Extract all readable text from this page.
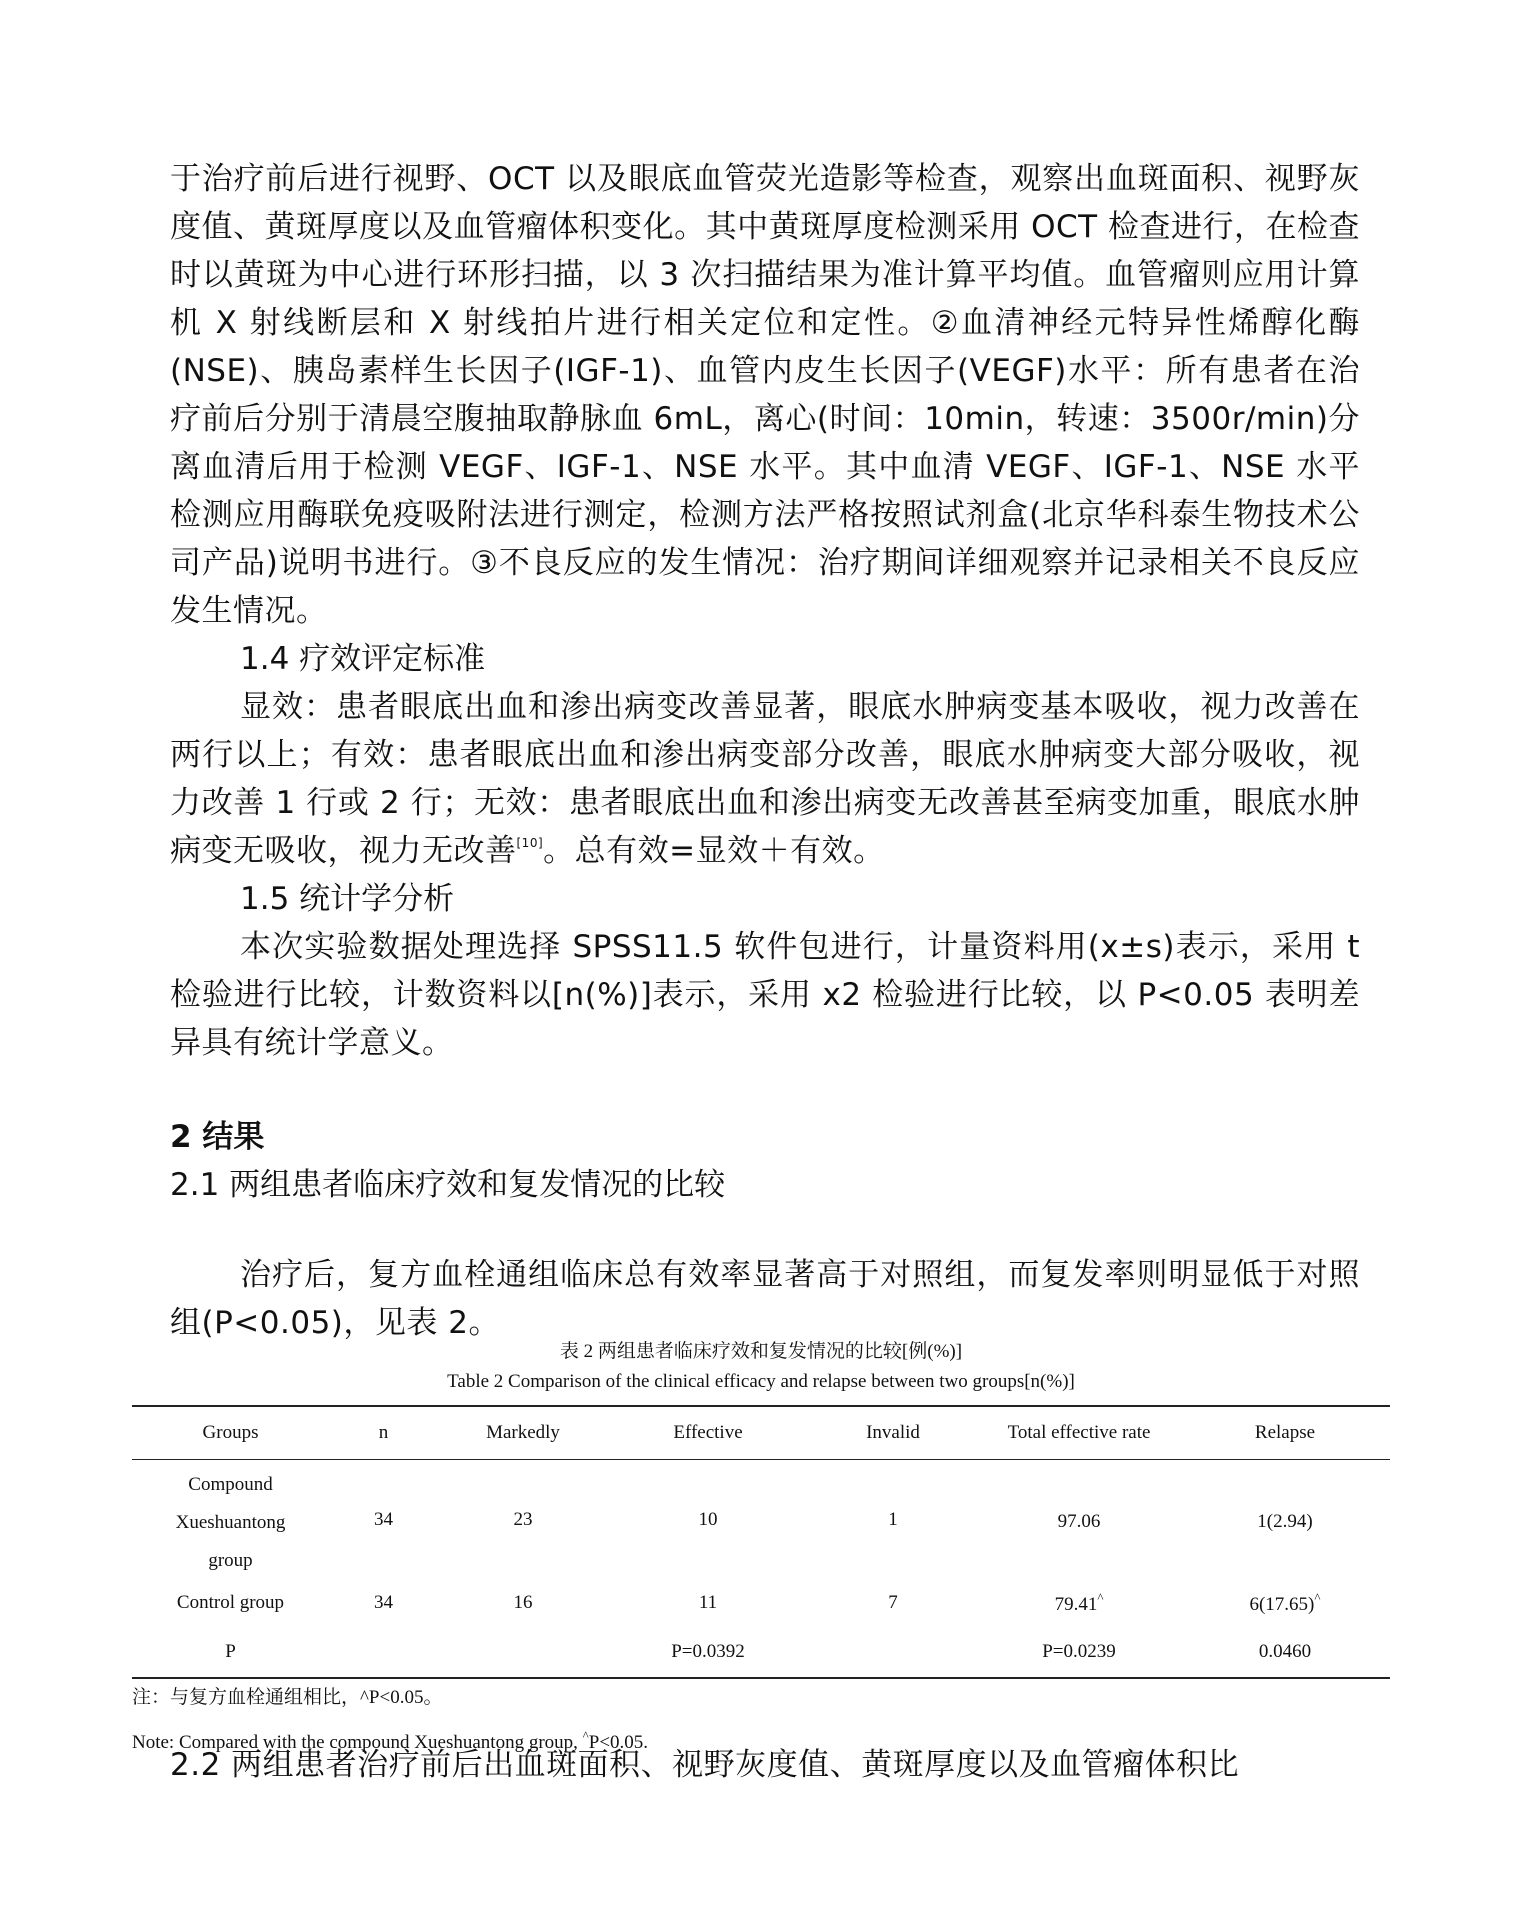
于治疗前后进行视野、OCT 以及眼底血管荧光造影等检查，观察出血斑面积、视野灰度值、黄斑厚度以及血管瘤体积变化。其中黄斑厚度检测采用 OCT 检查进行，在检查时以黄斑为中心进行环形扫描，以 3 次扫描结果为准计算平均值。血管瘤则应用计算机 X 射线断层和 X 射线拍片进行相关定位和定性。②血清神经元特异性烯醇化酶(NSE)、胰岛素样生长因子(IGF-1)、血管内皮生长因子(VEGF)水平：所有患者在治疗前后分别于清晨空腹抽取静脉血 6mL，离心(时间：10min，转速：3500r/min)分离血清后用于检测 VEGF、IGF-1、NSE 水平。其中血清 VEGF、IGF-1、NSE 水平检测应用酶联免疫吸附法进行测定，检测方法严格按照试剂盒(北京华科泰生物技术公司产品)说明书进行。③不良反应的发生情况：治疗期间详细观察并记录相关不良反应发生情况。

1.4 疗效评定标准

显效：患者眼底出血和渗出病变改善显著，眼底水肿病变基本吸收，视力改善在两行以上；有效：患者眼底出血和渗出病变部分改善，眼底水肿病变大部分吸收，视力改善 1 行或 2 行；无效：患者眼底出血和渗出病变无改善甚至病变加重，眼底水肿病变无吸收，视力无改善[10]。总有效=显效＋有效。

1.5 统计学分析

本次实验数据处理选择 SPSS11.5 软件包进行，计量资料用(x±s)表示，采用 t 检验进行比较，计数资料以[n(%)]表示，采用 x2 检验进行比较，以 P<0.05 表明差异具有统计学意义。

2 结果

2.1 两组患者临床疗效和复发情况的比较

治疗后，复方血栓通组临床总有效率显著高于对照组，而复发率则明显低于对照组(P<0.05)，见表 2。

表 2 两组患者临床疗效和复发情况的比较[例(%)]

Table 2 Comparison of the clinical efficacy and relapse between two groups[n(%)]

Groups	n	Markedly	Effective	Invalid	Total effective rate	Relapse
Compound Xueshuantong
group	34	23	10	1	97.06	1(2.94)
Control group	34	16	11	7	79.41^	6(17.65)^
P			P=0.0392		P=0.0239	0.0460

注：与复方血栓通组相比，^P<0.05。

Note: Compared with the compound Xueshuantong group, ^P<0.05.

2.2 两组患者治疗前后出血斑面积、视野灰度值、黄斑厚度以及血管瘤体积比
